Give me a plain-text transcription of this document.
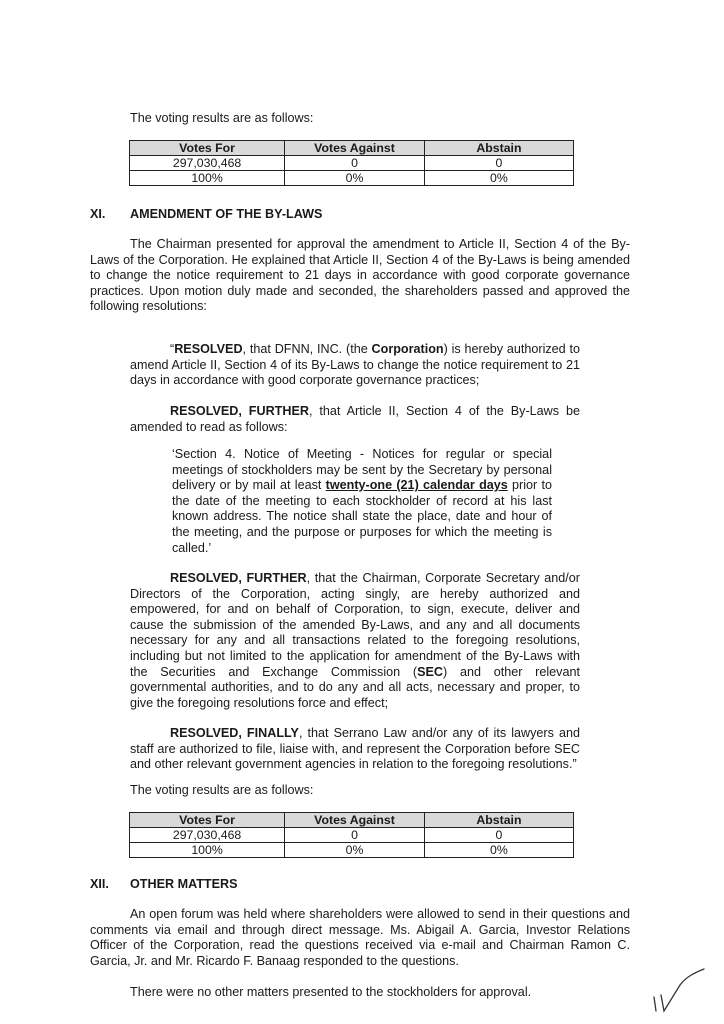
The voting results are as follows:

Votes For	Votes Against	Abstain
297,030,468	0	0
100%	0%	0%
XI. AMENDMENT OF THE BY-LAWS

The Chairman presented for approval the amendment to Article II, Section 4 of the By-Laws of the Corporation. He explained that Article II, Section 4 of the By-Laws is being amended to change the notice requirement to 21 days in accordance with good corporate governance practices. Upon motion duly made and seconded, the shareholders passed and approved the following resolutions:

“RESOLVED, that DFNN, INC. (the Corporation) is hereby authorized to amend Article II, Section 4 of its By-Laws to change the notice requirement to 21 days in accordance with good corporate governance practices;

RESOLVED, FURTHER, that Article II, Section 4 of the By-Laws be amended to read as follows:

‘Section 4. Notice of Meeting - Notices for regular or special meetings of stockholders may be sent by the Secretary by personal delivery or by mail at least twenty-one (21) calendar days prior to the date of the meeting to each stockholder of record at his last known address. The notice shall state the place, date and hour of the meeting, and the purpose or purposes for which the meeting is called.’

RESOLVED, FURTHER, that the Chairman, Corporate Secretary and/or Directors of the Corporation, acting singly, are hereby authorized and empowered, for and on behalf of Corporation, to sign, execute, deliver and cause the submission of the amended By-Laws, and any and all documents necessary for any and all transactions related to the foregoing resolutions, including but not limited to the application for amendment of the By-Laws with the Securities and Exchange Commission (SEC) and other relevant governmental authorities, and to do any and all acts, necessary and proper, to give the foregoing resolutions force and effect;

RESOLVED, FINALLY, that Serrano Law and/or any of its lawyers and staff are authorized to file, liaise with, and represent the Corporation before SEC and other relevant government agencies in relation to the foregoing resolutions.”

The voting results are as follows:

Votes For	Votes Against	Abstain
297,030,468	0	0
100%	0%	0%
XII. OTHER MATTERS

An open forum was held where shareholders were allowed to send in their questions and comments via email and through direct message. Ms. Abigail A. Garcia, Investor Relations Officer of the Corporation, read the questions received via e-mail and Chairman Ramon C. Garcia, Jr. and Mr. Ricardo F. Banaag responded to the questions.

There were no other matters presented to the stockholders for approval.
